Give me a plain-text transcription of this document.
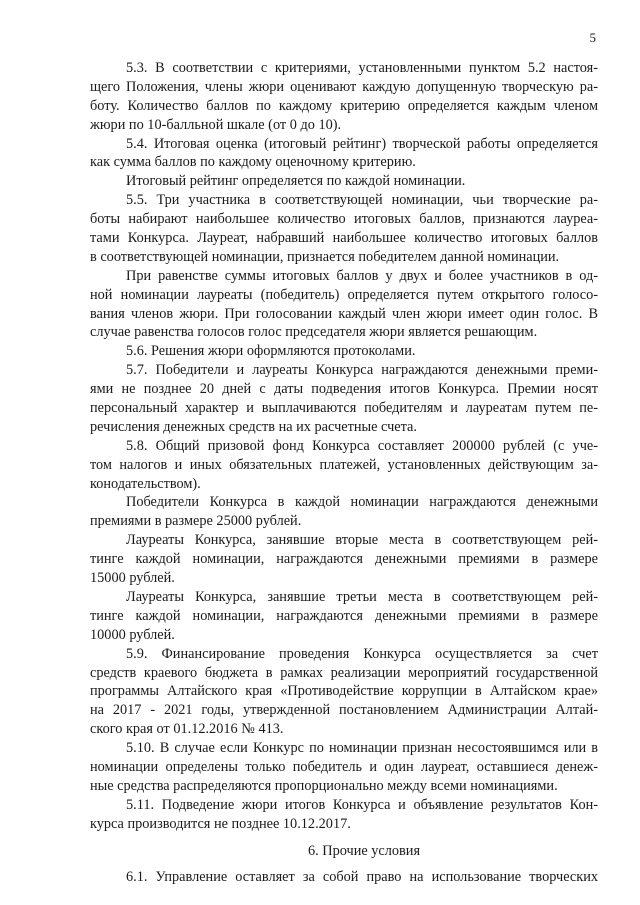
5
5.3. В соответствии с критериями, установленными пунктом 5.2 настоя-
щего Положения, члены жюри оценивают каждую допущенную творческую ра-
боту. Количество баллов по каждому критерию определяется каждым членом
жюри по 10-балльной шкале (от 0 до 10).
5.4. Итоговая оценка (итоговый рейтинг) творческой работы определяется
как сумма баллов по каждому оценочному критерию.
Итоговый рейтинг определяется по каждой номинации.
5.5. Три участника в соответствующей номинации, чьи творческие ра-
боты набирают наибольшее количество итоговых баллов, признаются лауреа-
тами Конкурса. Лауреат, набравший наибольшее количество итоговых баллов
в соответствующей номинации, признается победителем данной номинации.
При равенстве суммы итоговых баллов у двух и более участников в од-
ной номинации лауреаты (победитель) определяется путем открытого голосо-
вания членов жюри. При голосовании каждый член жюри имеет один голос. В
случае равенства голосов голос председателя жюри является решающим.
5.6. Решения жюри оформляются протоколами.
5.7. Победители и лауреаты Конкурса награждаются денежными преми-
ями не позднее 20 дней с даты подведения итогов Конкурса. Премии носят
персональный характер и выплачиваются победителям и лауреатам путем пе-
речисления денежных средств на их расчетные счета.
5.8. Общий призовой фонд Конкурса составляет 200000 рублей (с уче-
том налогов и иных обязательных платежей, установленных действующим за-
конодательством).
Победители Конкурса в каждой номинации награждаются денежными
премиями в размере 25000 рублей.
Лауреаты Конкурса, занявшие вторые места в соответствующем рей-
тинге каждой номинации, награждаются денежными премиями в размере
15000 рублей.
Лауреаты Конкурса, занявшие третьи места в соответствующем рей-
тинге каждой номинации, награждаются денежными премиями в размере
10000 рублей.
5.9. Финансирование проведения Конкурса осуществляется за счет
средств краевого бюджета в рамках реализации мероприятий государственной
программы Алтайского края «Противодействие коррупции в Алтайском крае»
на 2017 - 2021 годы, утвержденной постановлением Администрации Алтай-
ского края от 01.12.2016 № 413.
5.10. В случае если Конкурс по номинации признан несостоявшимся или в
номинации определены только победитель и один лауреат, оставшиеся денеж-
ные средства распределяются пропорционально между всеми номинациями.
5.11. Подведение жюри итогов Конкурса и объявление результатов Кон-
курса производится не позднее 10.12.2017.
6. Прочие условия
6.1. Управление оставляет за собой право на использование творческих
